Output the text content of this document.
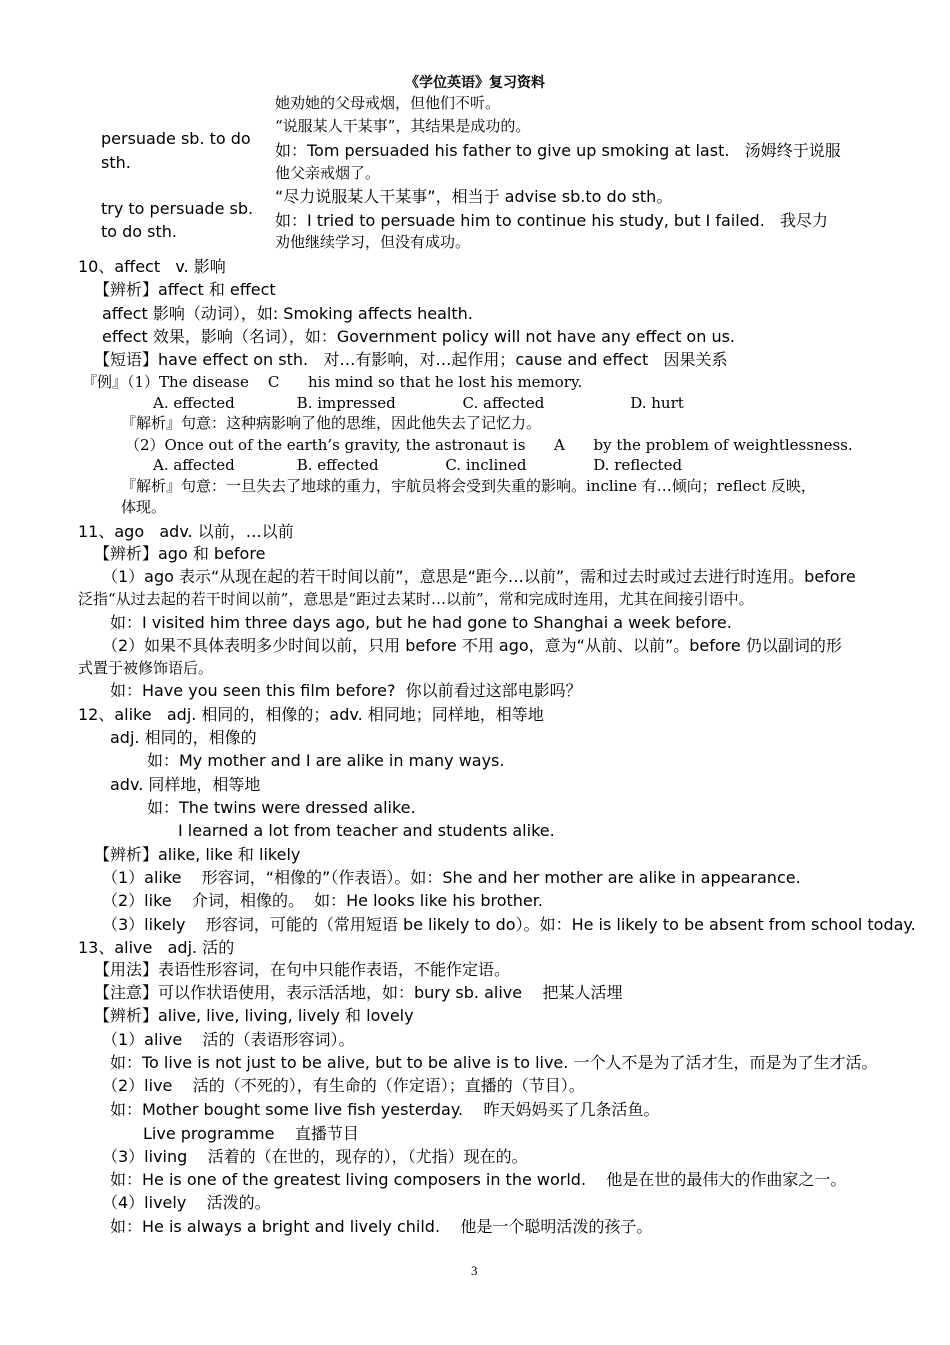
《学位英语》复习资料
她劝她的父母戒烟，但他们不听。
persuade sb. to do
sth.
“说服某人干某事”，其结果是成功的。
如：Tom persuaded his father to give up smoking at last.   汤姆终于说服
他父亲戒烟了。
try to persuade sb.
to do sth.
“尽力说服某人干某事”，相当于 advise sb.to do sth。
如：I tried to persuade him to continue his study, but I failed.   我尽力
劝他继续学习，但没有成功。
10、affect   v. 影响
【辨析】affect 和 effect
affect 影响（动词），如: Smoking affects health.
effect 效果，影响（名词），如：Government policy will not have any effect on us.
【短语】have effect on sth.   对…有影响，对…起作用；cause and effect   因果关系
『例』（1）The disease    C      his mind so that he lost his memory.
A. effected             B. impressed              C. affected                  D. hurt
『解析』句意：这种病影响了他的思维，因此他失去了记忆力。
（2）Once out of the earth’s gravity, the astronaut is      A      by the problem of weightlessness.
A. affected             B. effected              C. inclined              D. reflected
『解析』句意：一旦失去了地球的重力，宇航员将会受到失重的影响。incline 有…倾向；reflect 反映，
体现。
11、ago   adv. 以前，…以前
【辨析】ago 和 before
（1）ago 表示“从现在起的若干时间以前”，意思是“距今…以前”，需和过去时或过去进行时连用。before
泛指“从过去起的若干时间以前”，意思是“距过去某时…以前”，常和完成时连用，尤其在间接引语中。
如：I visited him three days ago, but he had gone to Shanghai a week before.
（2）如果不具体表明多少时间以前，只用 before 不用 ago，意为“从前、以前”。before 仍以副词的形
式置于被修饰语后。
如：Have you seen this film before?  你以前看过这部电影吗？
12、alike   adj. 相同的，相像的；adv. 相同地；同样地，相等地
adj. 相同的，相像的
如：My mother and I are alike in many ways.
adv. 同样地，相等地
如：The twins were dressed alike.
I learned a lot from teacher and students alike.
【辨析】alike, like 和 likely
（1）alike    形容词，“相像的”（作表语）。如：She and her mother are alike in appearance.
（2）like    介词，相像的。  如：He looks like his brother.
（3）likely    形容词，可能的（常用短语 be likely to do）。如：He is likely to be absent from school today.
13、alive   adj. 活的
【用法】表语性形容词，在句中只能作表语，不能作定语。
【注意】可以作状语使用，表示活活地，如：bury sb. alive    把某人活埋
【辨析】alive, live, living, lively 和 lovely
（1）alive    活的（表语形容词）。
如：To live is not just to be alive, but to be alive is to live. 一个人不是为了活才生，而是为了生才活。
（2）live    活的（不死的），有生命的（作定语）；直播的（节目）。
如：Mother bought some live fish yesterday.    昨天妈妈买了几条活鱼。
Live programme    直播节目
（3）living    活着的（在世的，现存的），（尤指）现在的。
如：He is one of the greatest living composers in the world.    他是在世的最伟大的作曲家之一。
（4）lively    活泼的。
如：He is always a bright and lively child.    他是一个聪明活泼的孩子。
3
